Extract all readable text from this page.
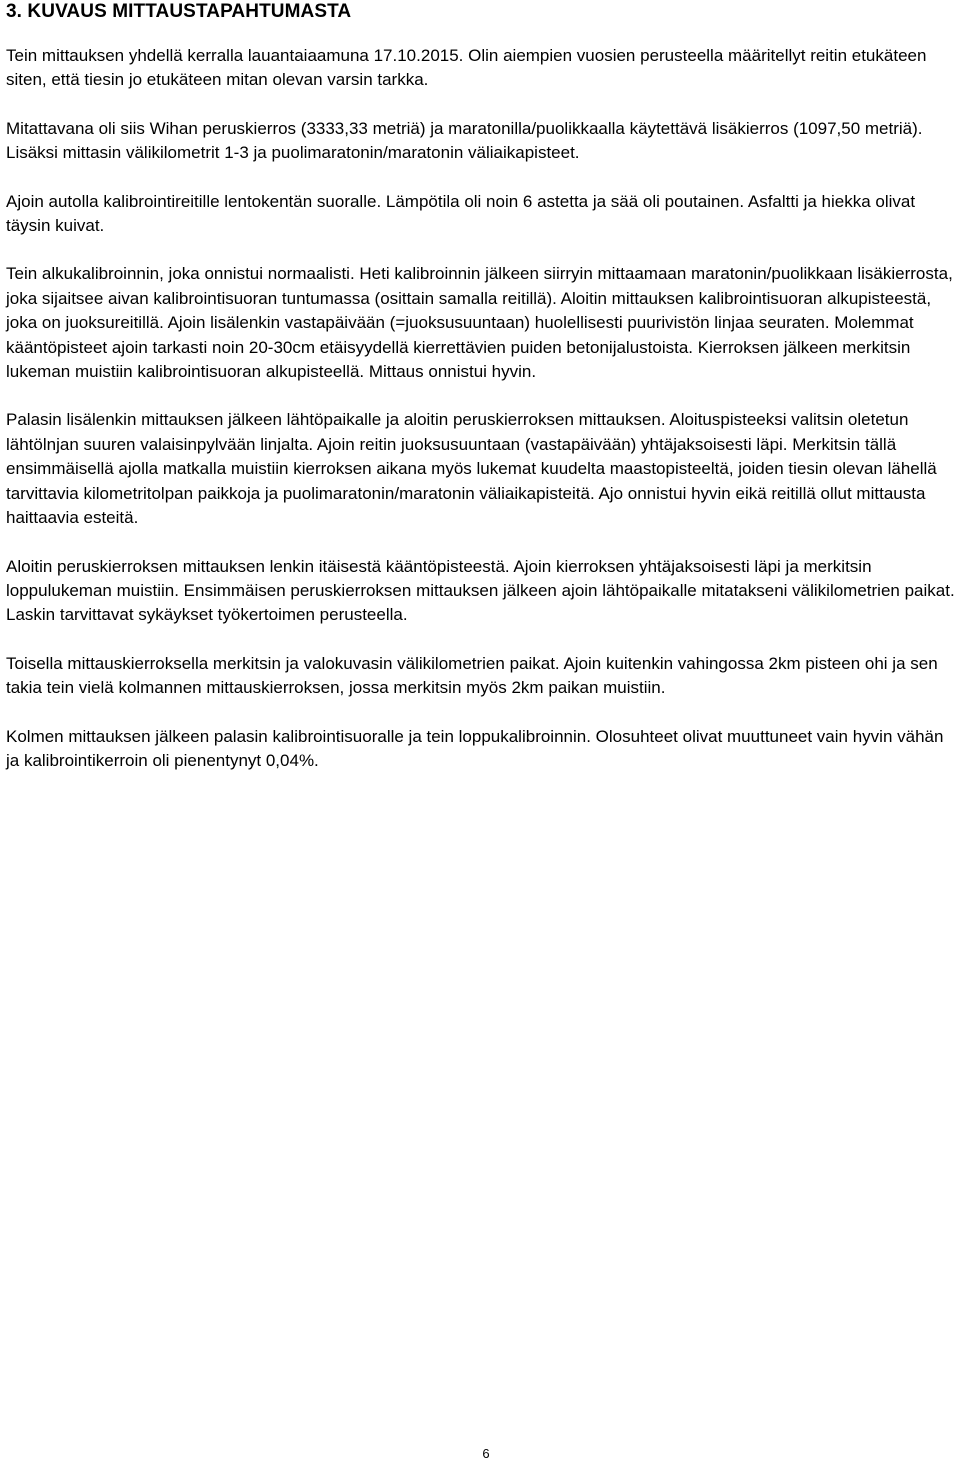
3. KUVAUS MITTAUSTAPAHTUMASTA

Tein mittauksen yhdellä kerralla lauantaiaamuna 17.10.2015. Olin aiempien vuosien perusteella määritellyt reitin etukäteen siten, että tiesin jo etukäteen mitan olevan varsin tarkka.

Mitattavana oli siis Wihan peruskierros (3333,33 metriä) ja maratonilla/puolikkaalla käytettävä lisäkierros (1097,50 metriä). Lisäksi mittasin välikilometrit 1-3 ja puolimaratonin/maratonin väliaikapisteet.

Ajoin autolla kalibrointireitille lentokentän suoralle. Lämpötila oli noin 6 astetta ja sää oli poutainen. Asfaltti ja hiekka olivat täysin kuivat.

Tein alkukalibroinnin, joka onnistui normaalisti. Heti kalibroinnin jälkeen siirryin mittaamaan maratonin/puolikkaan lisäkierrosta, joka sijaitsee aivan kalibrointisuoran tuntumassa (osittain samalla reitillä). Aloitin mittauksen kalibrointisuoran alkupisteestä, joka on juoksureitillä. Ajoin lisälenkin vastapäivään (=juoksusuuntaan) huolellisesti puurivistön linjaa seuraten. Molemmat kääntöpisteet ajoin tarkasti noin 20-30cm etäisyydellä kierrettävien puiden betonijalustoista. Kierroksen jälkeen merkitsin lukeman muistiin kalibrointisuoran alkupisteellä. Mittaus onnistui hyvin.

Palasin lisälenkin mittauksen jälkeen lähtöpaikalle ja aloitin peruskierroksen mittauksen. Aloituspisteeksi valitsin oletetun lähtölnjan suuren valaisinpylvään linjalta. Ajoin reitin juoksusuuntaan (vastapäivään) yhtäjaksoisesti läpi. Merkitsin tällä ensimmäisellä ajolla matkalla muistiin kierroksen aikana myös lukemat kuudelta maastopisteeltä, joiden tiesin olevan lähellä tarvittavia kilometritolpan paikkoja ja puolimaratonin/maratonin väliaikapisteitä. Ajo onnistui hyvin eikä reitillä ollut mittausta haittaavia esteitä.

Aloitin peruskierroksen mittauksen lenkin itäisestä kääntöpisteestä. Ajoin kierroksen yhtäjaksoisesti läpi ja merkitsin loppulukeman muistiin. Ensimmäisen peruskierroksen mittauksen jälkeen ajoin lähtöpaikalle mitatakseni välikilometrien paikat. Laskin tarvittavat sykäykset työkertoimen perusteella.

Toisella mittauskierroksella merkitsin ja valokuvasin välikilometrien paikat. Ajoin kuitenkin vahingossa 2km pisteen ohi ja sen takia tein vielä kolmannen mittauskierroksen, jossa merkitsin myös 2km paikan muistiin.

Kolmen mittauksen jälkeen palasin kalibrointisuoralle ja tein loppukalibroinnin. Olosuhteet olivat muuttuneet vain hyvin vähän ja kalibrointikerroin oli pienentynyt 0,04%.

6
